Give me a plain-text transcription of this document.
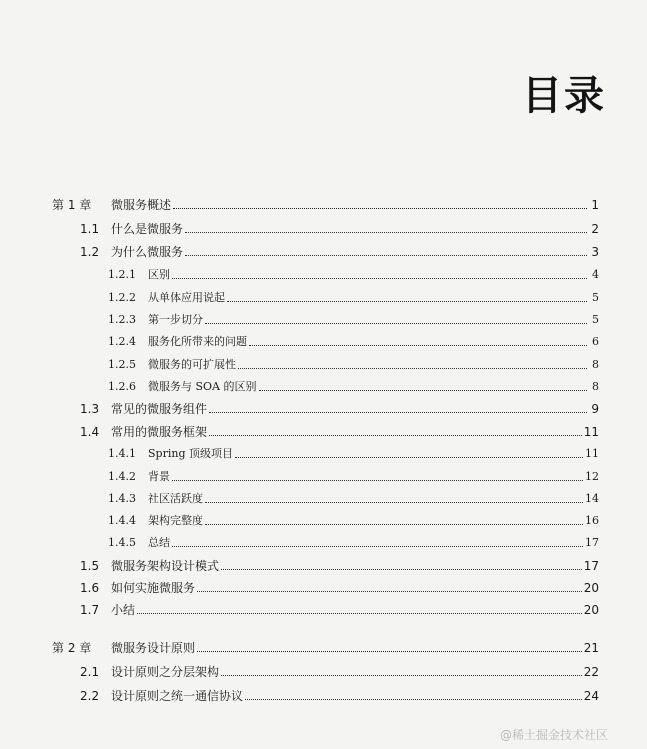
目录
第 1 章	微服务概述	1
1.1 什么是微服务	2
1.2 为什么微服务	3
1.2.1	区别	4
1.2.2	从单体应用说起	5
1.2.3	第一步切分	5
1.2.4	服务化所带来的问题	6
1.2.5	微服务的可扩展性	8
1.2.6	微服务与 SOA 的区别	8
1.3 常见的微服务组件	9
1.4 常用的微服务框架	11
1.4.1	Spring 顶级项目	11
1.4.2	背景	12
1.4.3	社区活跃度	14
1.4.4	架构完整度	16
1.4.5	总结	17
1.5 微服务架构设计模式	17
1.6 如何实施微服务	20
1.7 小结	20
第 2 章	微服务设计原则	21
2.1 设计原则之分层架构	22
2.2 设计原则之统一通信协议	24
@稀土掘金技术社区
